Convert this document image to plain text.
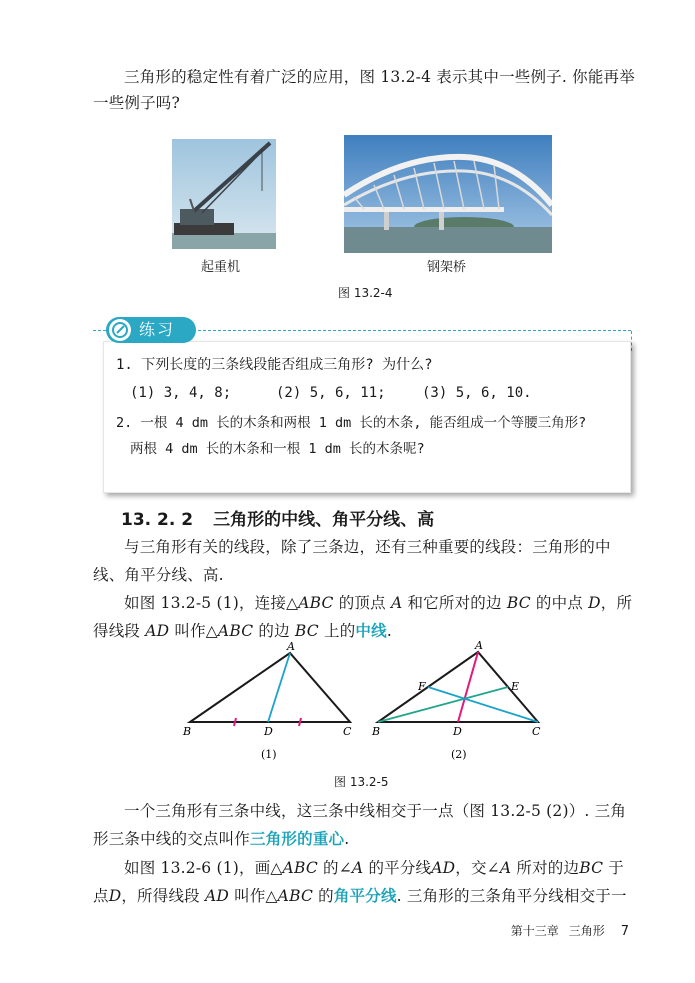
三角形的稳定性有着广泛的应用，图 13.2-4 表示其中一些例子. 你能再举
一些例子吗?
起重机	钢架桥
图 13.2-4
1. 下列长度的三条线段能否组成三角形? 为什么?
(1) 3, 4, 8;	(2) 5, 6, 11;	(3) 5, 6, 10.
2. 一根 4 dm 长的木条和两根 1 dm 长的木条, 能否组成一个等腰三角形?
两根 4 dm 长的木条和一根 1 dm 长的木条呢?
练习
13. 2. 2 三角形的中线、角平分线、高
与三角形有关的线段，除了三条边，还有三种重要的线段：三角形的中
线、角平分线、高.
如图 13.2-5 (1)，连接△ABC 的顶点 A 和它所对的边 BC 的中点 D，所
得线段 AD 叫作△ABC 的边 BC 上的中线.
A
B	C
D
(1)
A
B	C
D
E
F
(2)
图 13.2-5
一个三角形有三条中线，这三条中线相交于一点（图 13.2-5 (2)）. 三角
形三条中线的交点叫作三角形的重心.
如图 13.2-6 (1)，画△ABC 的∠A 的平分线AD，交∠A 所对的边BC 于
点D，所得线段 AD 叫作△ABC 的角平分线. 三角形的三条角平分线相交于一
第十三章 三角形 7
